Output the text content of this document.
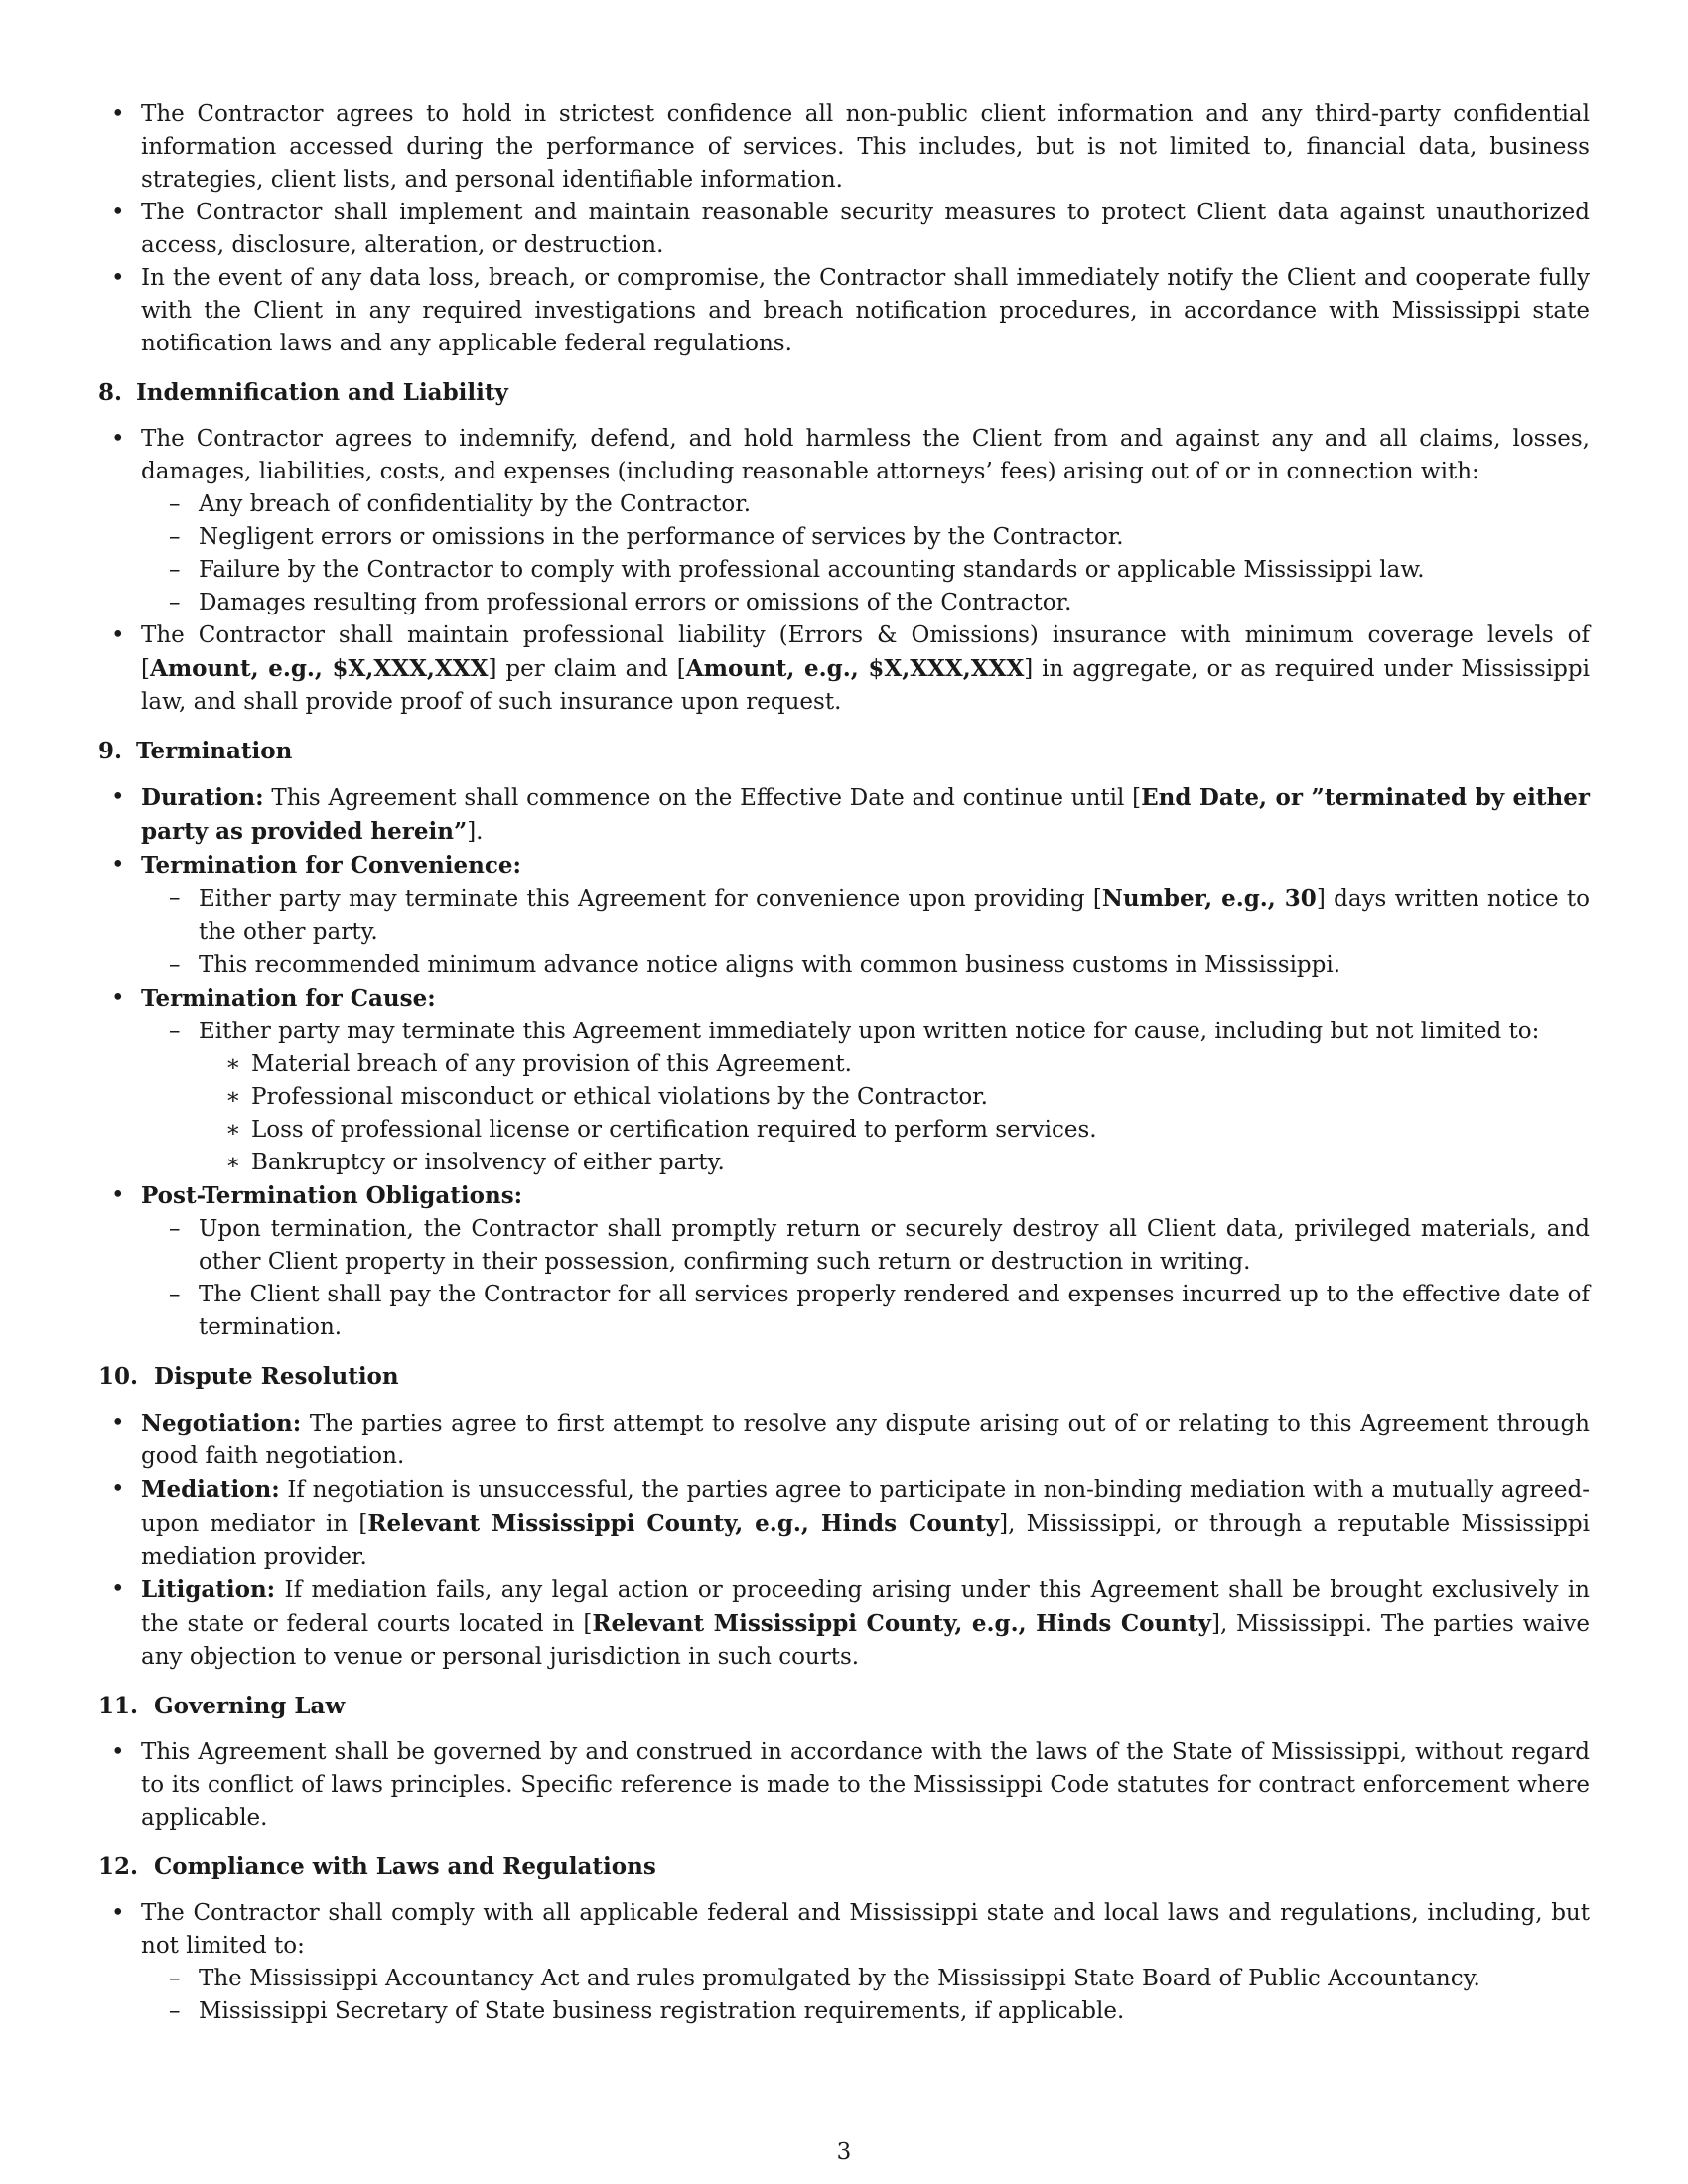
• The Contractor agrees to hold in strictest confidence all non-public client information and any third-party confidential information accessed during the performance of services. This includes, but is not limited to, financial data, business strategies, client lists, and personal identifiable information.
• The Contractor shall implement and maintain reasonable security measures to protect Client data against unauthorized access, disclosure, alteration, or destruction.
• In the event of any data loss, breach, or compromise, the Contractor shall immediately notify the Client and cooperate fully with the Client in any required investigations and breach notification procedures, in accordance with Mississippi state notification laws and any applicable federal regulations.
8. Indemnification and Liability
• The Contractor agrees to indemnify, defend, and hold harmless the Client from and against any and all claims, losses, damages, liabilities, costs, and expenses (including reasonable attorneys’ fees) arising out of or in connection with:
– Any breach of confidentiality by the Contractor.
– Negligent errors or omissions in the performance of services by the Contractor.
– Failure by the Contractor to comply with professional accounting standards or applicable Mississippi law.
– Damages resulting from professional errors or omissions of the Contractor.
• The Contractor shall maintain professional liability (Errors & Omissions) insurance with minimum coverage levels of [Amount, e.g., $X,XXX,XXX] per claim and [Amount, e.g., $X,XXX,XXX] in aggregate, or as required under Mississippi law, and shall provide proof of such insurance upon request.
9. Termination
• Duration: This Agreement shall commence on the Effective Date and continue until [End Date, or ”terminated by either party as provided herein”].
• Termination for Convenience:
– Either party may terminate this Agreement for convenience upon providing [Number, e.g., 30] days written notice to the other party.
– This recommended minimum advance notice aligns with common business customs in Mississippi.
• Termination for Cause:
– Either party may terminate this Agreement immediately upon written notice for cause, including but not limited to:
∗ Material breach of any provision of this Agreement.
∗ Professional misconduct or ethical violations by the Contractor.
∗ Loss of professional license or certification required to perform services.
∗ Bankruptcy or insolvency of either party.
• Post-Termination Obligations:
– Upon termination, the Contractor shall promptly return or securely destroy all Client data, privileged materials, and other Client property in their possession, confirming such return or destruction in writing.
– The Client shall pay the Contractor for all services properly rendered and expenses incurred up to the effective date of termination.
10. Dispute Resolution
• Negotiation: The parties agree to first attempt to resolve any dispute arising out of or relating to this Agreement through good faith negotiation.
• Mediation: If negotiation is unsuccessful, the parties agree to participate in non-binding mediation with a mutually agreed-upon mediator in [Relevant Mississippi County, e.g., Hinds County], Mississippi, or through a reputable Mississippi mediation provider.
• Litigation: If mediation fails, any legal action or proceeding arising under this Agreement shall be brought exclusively in the state or federal courts located in [Relevant Mississippi County, e.g., Hinds County], Mississippi. The parties waive any objection to venue or personal jurisdiction in such courts.
11. Governing Law
• This Agreement shall be governed by and construed in accordance with the laws of the State of Mississippi, without regard to its conflict of laws principles. Specific reference is made to the Mississippi Code statutes for contract enforcement where applicable.
12. Compliance with Laws and Regulations
• The Contractor shall comply with all applicable federal and Mississippi state and local laws and regulations, including, but not limited to:
– The Mississippi Accountancy Act and rules promulgated by the Mississippi State Board of Public Accountancy.
– Mississippi Secretary of State business registration requirements, if applicable.
3
